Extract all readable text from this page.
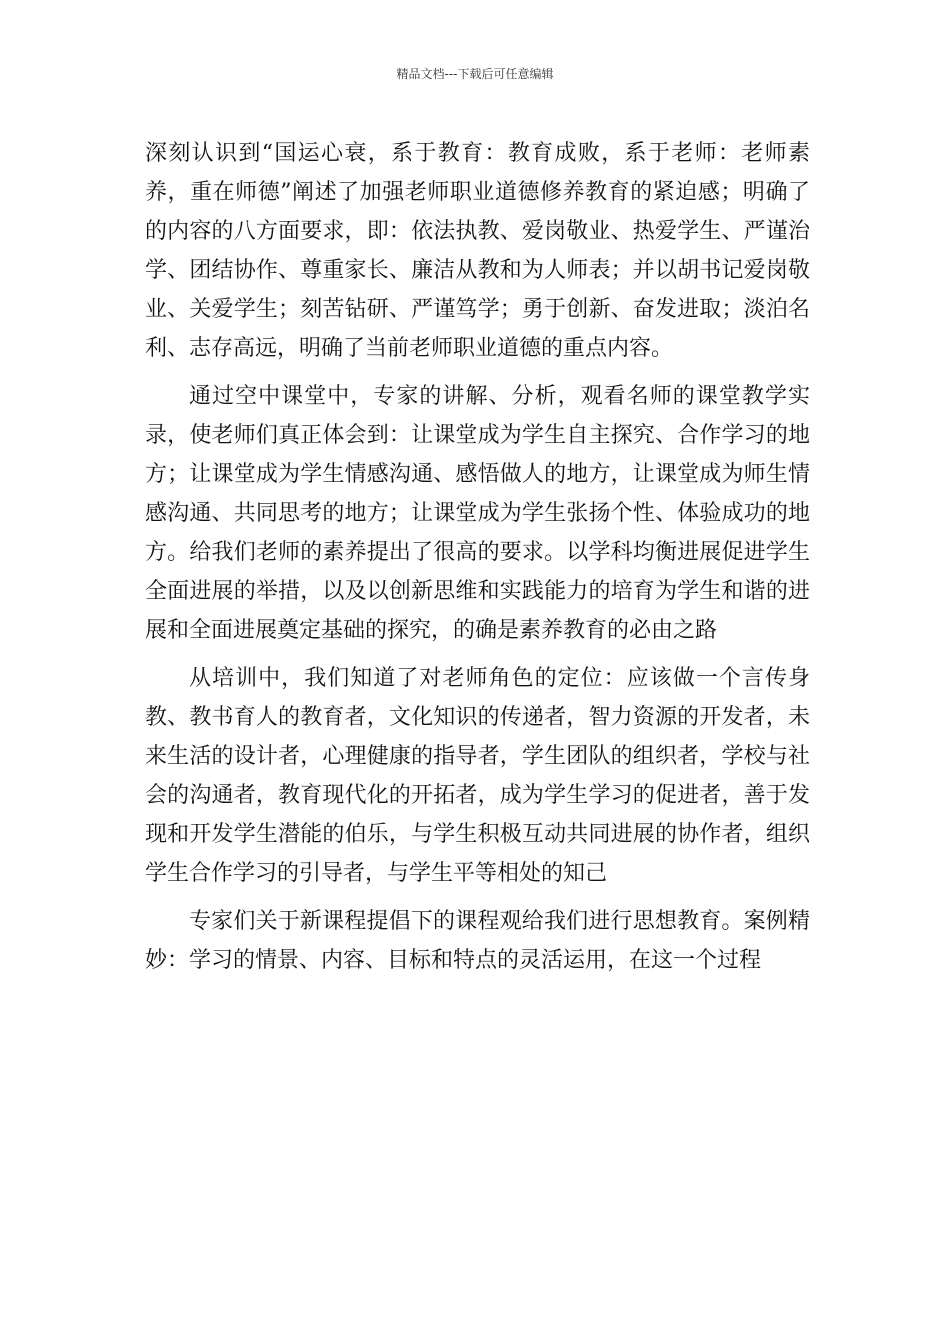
精品文档---下载后可任意编辑

深刻认识到“国运心衰，系于教育：教育成败，系于老师：老师素养，重在师德”阐述了加强老师职业道德修养教育的紧迫感；明确了的内容的八方面要求，即：依法执教、爱岗敬业、热爱学生、严谨治学、团结协作、尊重家长、廉洁从教和为人师表；并以胡书记爱岗敬业、关爱学生；刻苦钻研、严谨笃学；勇于创新、奋发进取；淡泊名利、志存高远，明确了当前老师职业道德的重点内容。

通过空中课堂中，专家的讲解、分析，观看名师的课堂教学实录，使老师们真正体会到：让课堂成为学生自主探究、合作学习的地方；让课堂成为学生情感沟通、感悟做人的地方，让课堂成为师生情感沟通、共同思考的地方；让课堂成为学生张扬个性、体验成功的地方。给我们老师的素养提出了很高的要求。以学科均衡进展促进学生全面进展的举措，以及以创新思维和实践能力的培育为学生和谐的进展和全面进展奠定基础的探究，的确是素养教育的必由之路

从培训中，我们知道了对老师角色的定位：应该做一个言传身教、教书育人的教育者，文化知识的传递者，智力资源的开发者，未来生活的设计者，心理健康的指导者，学生团队的组织者，学校与社会的沟通者，教育现代化的开拓者，成为学生学习的促进者，善于发现和开发学生潜能的伯乐，与学生积极互动共同进展的协作者，组织学生合作学习的引导者，与学生平等相处的知己

专家们关于新课程提倡下的课程观给我们进行思想教育。案例精妙：学习的情景、内容、目标和特点的灵活运用，在这一个过程
